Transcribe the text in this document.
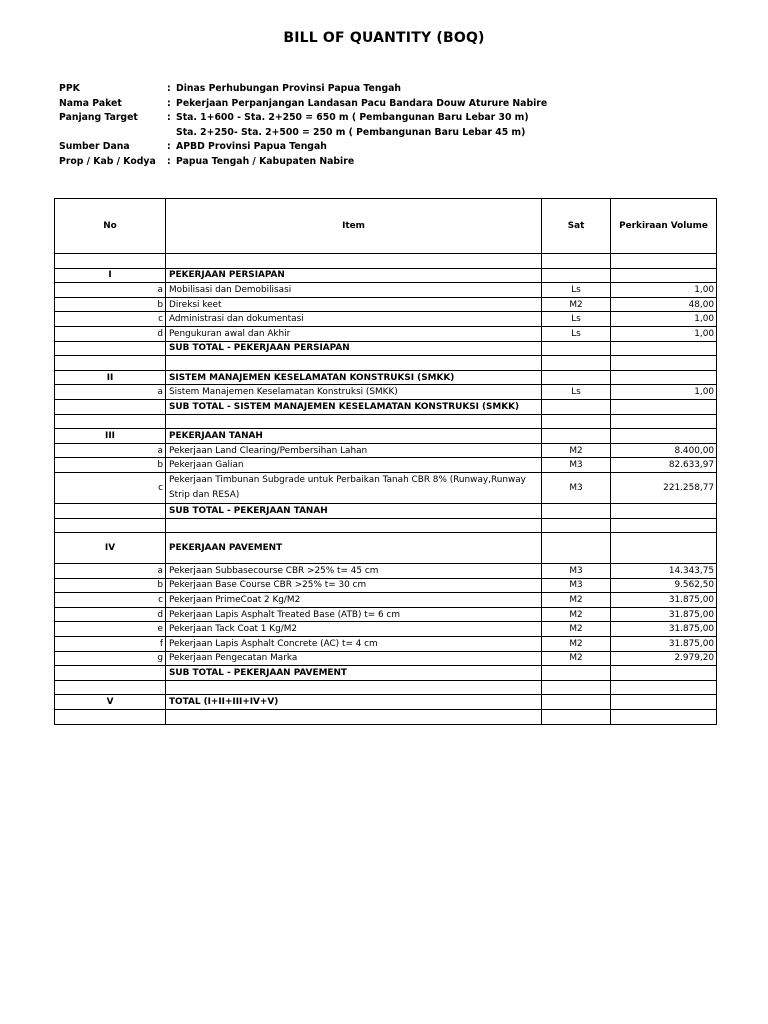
BILL OF QUANTITY (BOQ)
PPK	: Dinas Perhubungan Provinsi Papua Tengah
Nama Paket	: Pekerjaan Perpanjangan Landasan Pacu Bandara Douw Aturure Nabire
Panjang Target	: Sta. 1+600 - Sta. 2+250 = 650 m ( Pembangunan Baru Lebar 30 m)
Sta. 2+250- Sta. 2+500 = 250 m ( Pembangunan Baru Lebar 45 m)
Sumber Dana	: APBD Provinsi Papua Tengah
Prop / Kab / Kodya : Papua Tengah / Kabupaten Nabire
No	Item	Sat	Perkiraan Volume

I	PEKERJAAN PERSIAPAN		
a	Mobilisasi dan Demobilisasi	Ls	1,00
b	Direksi keet	M2	48,00
c	Administrasi dan dokumentasi	Ls	1,00
d	Pengukuran awal dan Akhir	Ls	1,00
	SUB TOTAL - PEKERJAAN PERSIAPAN		

II	SISTEM MANAJEMEN KESELAMATAN KONSTRUKSI (SMKK)		
a	Sistem Manajemen Keselamatan Konstruksi (SMKK)	Ls	1,00
	SUB TOTAL - SISTEM MANAJEMEN KESELAMATAN KONSTRUKSI (SMKK)		

III	PEKERJAAN TANAH		
a	Pekerjaan Land Clearing/Pembersihan Lahan	M2	8.400,00
b	Pekerjaan Galian	M3	82.633,97
c	Pekerjaan Timbunan Subgrade untuk Perbaikan Tanah CBR 8% (Runway,Runway Strip dan RESA)	M3	221.258,77
	SUB TOTAL - PEKERJAAN TANAH		

IV	PEKERJAAN PAVEMENT		
a	Pekerjaan Subbasecourse CBR >25% t= 45 cm	M3	14.343,75
b	Pekerjaan Base Course CBR >25% t= 30 cm	M3	9.562,50
c	Pekerjaan PrimeCoat 2 Kg/M2	M2	31.875,00
d	Pekerjaan Lapis Asphalt Treated Base (ATB) t= 6 cm	M2	31.875,00
e	Pekerjaan Tack Coat 1 Kg/M2	M2	31.875,00
f	Pekerjaan Lapis Asphalt Concrete (AC) t= 4 cm	M2	31.875,00
g	Pekerjaan Pengecatan Marka	M2	2.979,20
	SUB TOTAL - PEKERJAAN PAVEMENT		

V	TOTAL (I+II+III+IV+V)		
